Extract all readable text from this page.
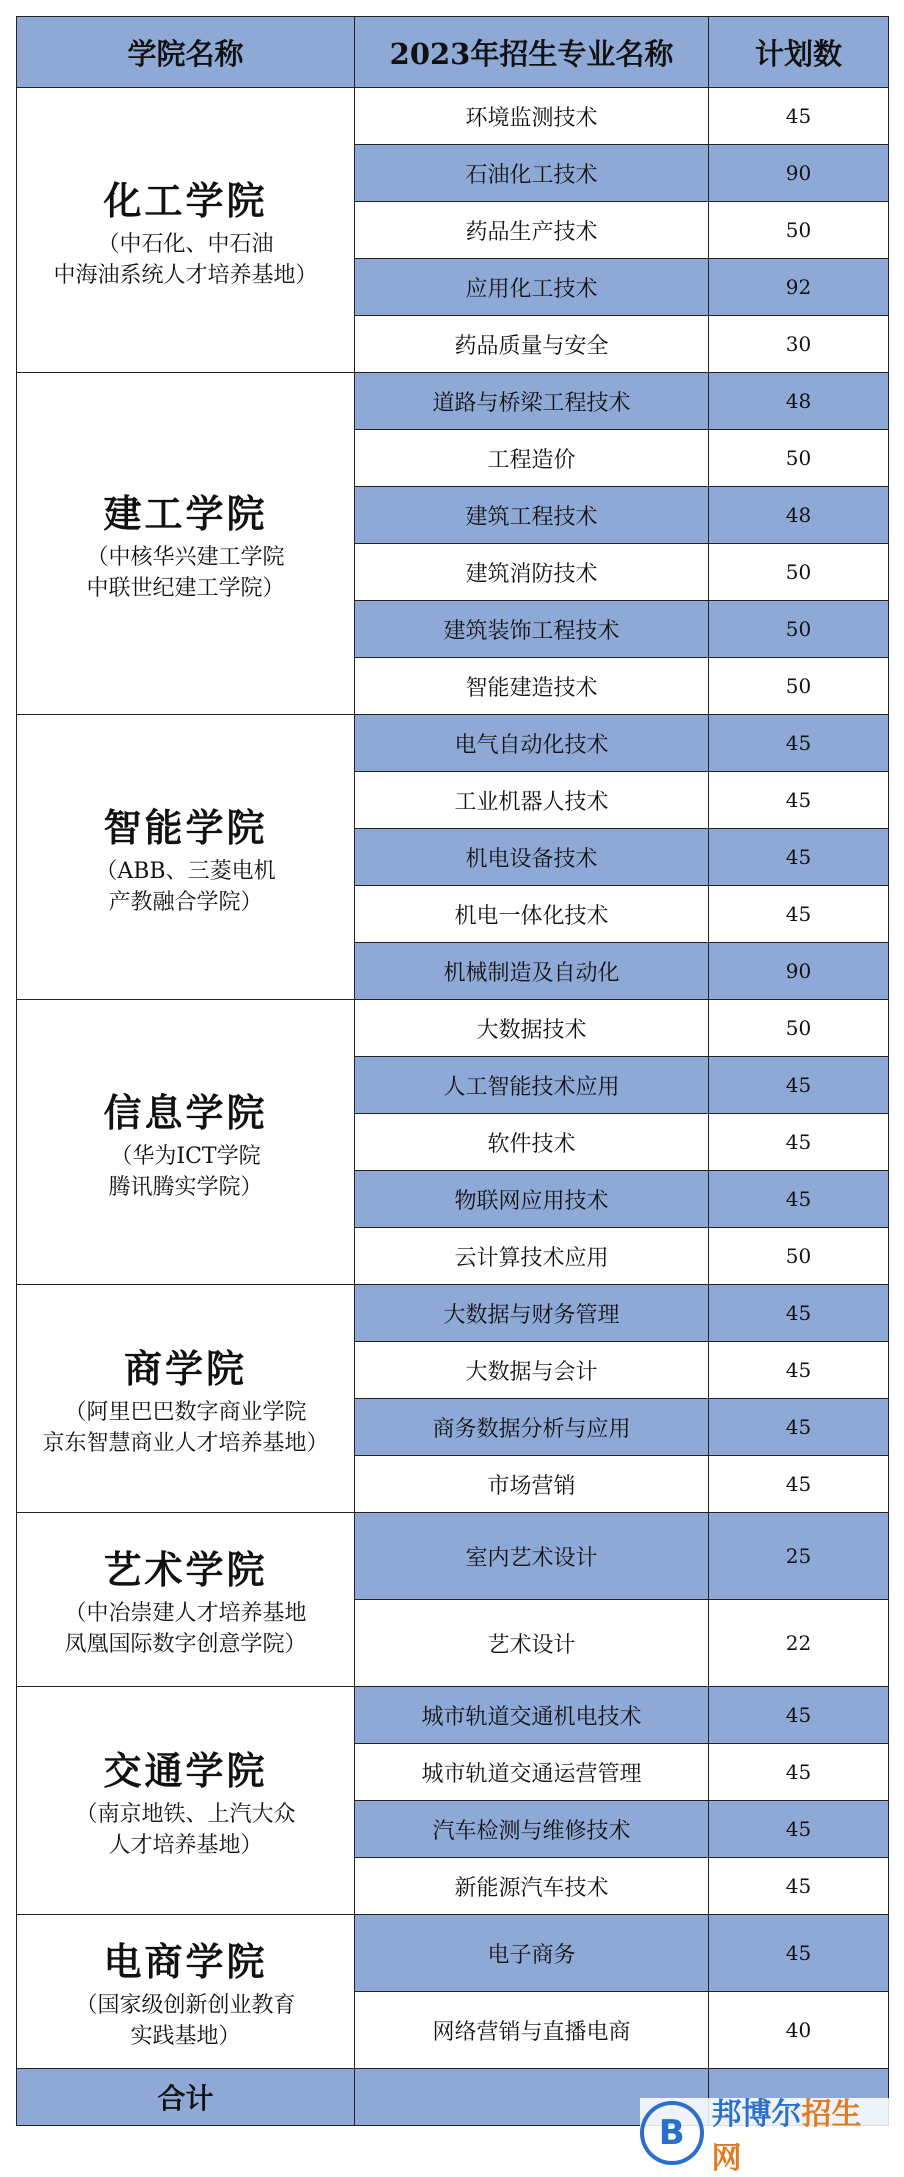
学院名称	2023年招生专业名称	计划数

化工学院
（中石化、中石油
中海油系统人才培养基地）	环境监测技术	45
	石油化工技术	90
	药品生产技术	50
	应用化工技术	92
	药品质量与安全	30

建工学院
（中核华兴建工学院
中联世纪建工学院）	道路与桥梁工程技术	48
	工程造价	50
	建筑工程技术	48
	建筑消防技术	50
	建筑装饰工程技术	50
	智能建造技术	50

智能学院
（ABB、三菱电机
产教融合学院）	电气自动化技术	45
	工业机器人技术	45
	机电设备技术	45
	机电一体化技术	45
	机械制造及自动化	90

信息学院
（华为ICT学院
腾讯腾实学院）	大数据技术	50
	人工智能技术应用	45
	软件技术	45
	物联网应用技术	45
	云计算技术应用	50

商学院
（阿里巴巴数字商业学院
京东智慧商业人才培养基地）	大数据与财务管理	45
	大数据与会计	45
	商务数据分析与应用	45
	市场营销	45

艺术学院
（中冶崇建人才培养基地
凤凰国际数字创意学院）	室内艺术设计	25
	艺术设计	22

交通学院
（南京地铁、上汽大众
人才培养基地）	城市轨道交通机电技术	45
	城市轨道交通运营管理	45
	汽车检测与维修技术	45
	新能源汽车技术	45

电商学院
（国家级创新创业教育
实践基地）	电子商务	45
	网络营销与直播电商	40
合计		
B 邦博尔招生网
